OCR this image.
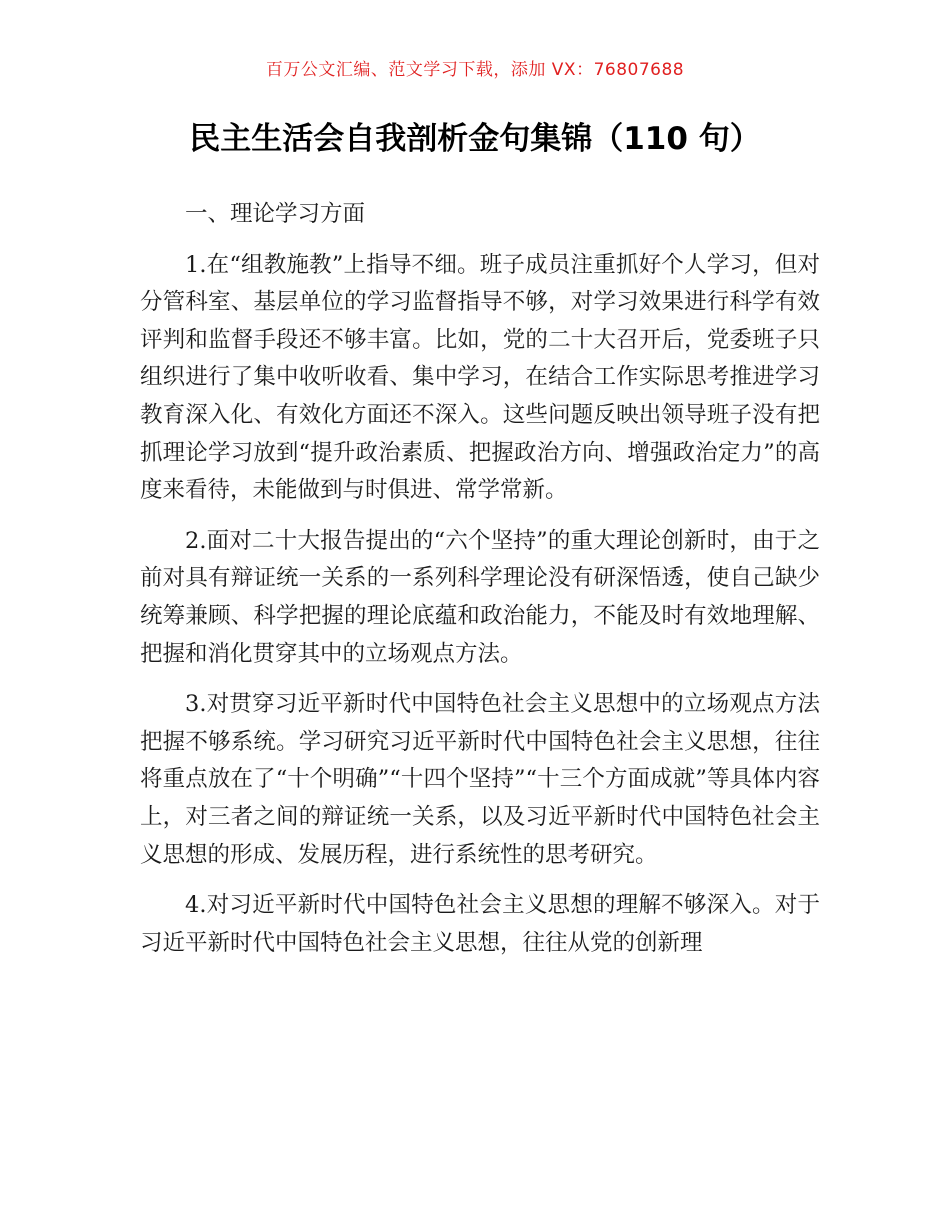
百万公文汇编、范文学习下载，添加 VX：76807688
民主生活会自我剖析金句集锦（110 句）

一、理论学习方面

1.在“组教施教”上指导不细。班子成员注重抓好个人学习，但对分管科室、基层单位的学习监督指导不够，对学习效果进行科学有效评判和监督手段还不够丰富。比如，党的二十大召开后，党委班子只组织进行了集中收听收看、集中学习，在结合工作实际思考推进学习教育深入化、有效化方面还不深入。这些问题反映出领导班子没有把抓理论学习放到“提升政治素质、把握政治方向、增强政治定力”的高度来看待，未能做到与时俱进、常学常新。

2.面对二十大报告提出的“六个坚持”的重大理论创新时，由于之前对具有辩证统一关系的一系列科学理论没有研深悟透，使自己缺少统筹兼顾、科学把握的理论底蕴和政治能力，不能及时有效地理解、把握和消化贯穿其中的立场观点方法。

3.对贯穿习近平新时代中国特色社会主义思想中的立场观点方法把握不够系统。学习研究习近平新时代中国特色社会主义思想，往往将重点放在了“十个明确”“十四个坚持”“十三个方面成就”等具体内容上，对三者之间的辩证统一关系，以及习近平新时代中国特色社会主义思想的形成、发展历程，进行系统性的思考研究。

4.对习近平新时代中国特色社会主义思想的理解不够深入。对于习近平新时代中国特色社会主义思想，往往从党的创新理
